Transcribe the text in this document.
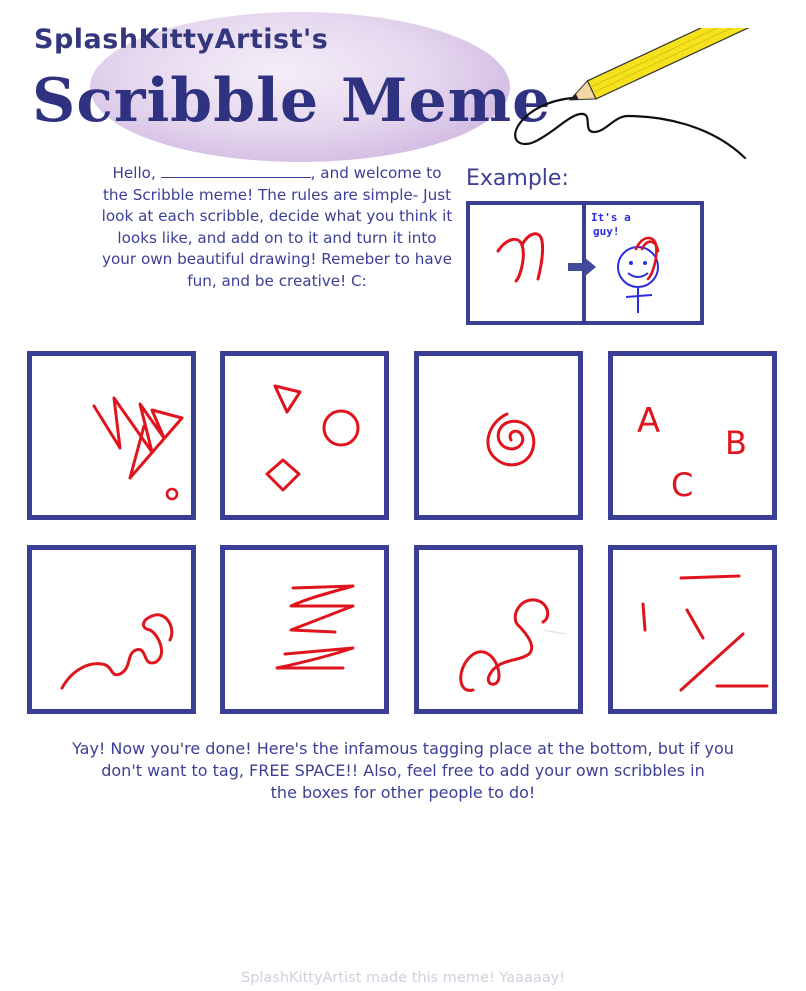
SplashKittyArtist's
Scribble Meme
Hello,	, and welcome to the Scribble meme! The rules are simple- Just look at each scribble, decide what you think it looks like, and add on to it and turn it into your own beautiful drawing! Remeber to have fun, and be creative! C:
Example:
It's a
guy!
A
B
C
Yay! Now you're done! Here's the infamous tagging place at the bottom, but if you
don't want to tag, FREE SPACE!! Also, feel free to add your own scribbles in
the boxes for other people to do!
SplashKittyArtist made this meme! Yaaaaay!
